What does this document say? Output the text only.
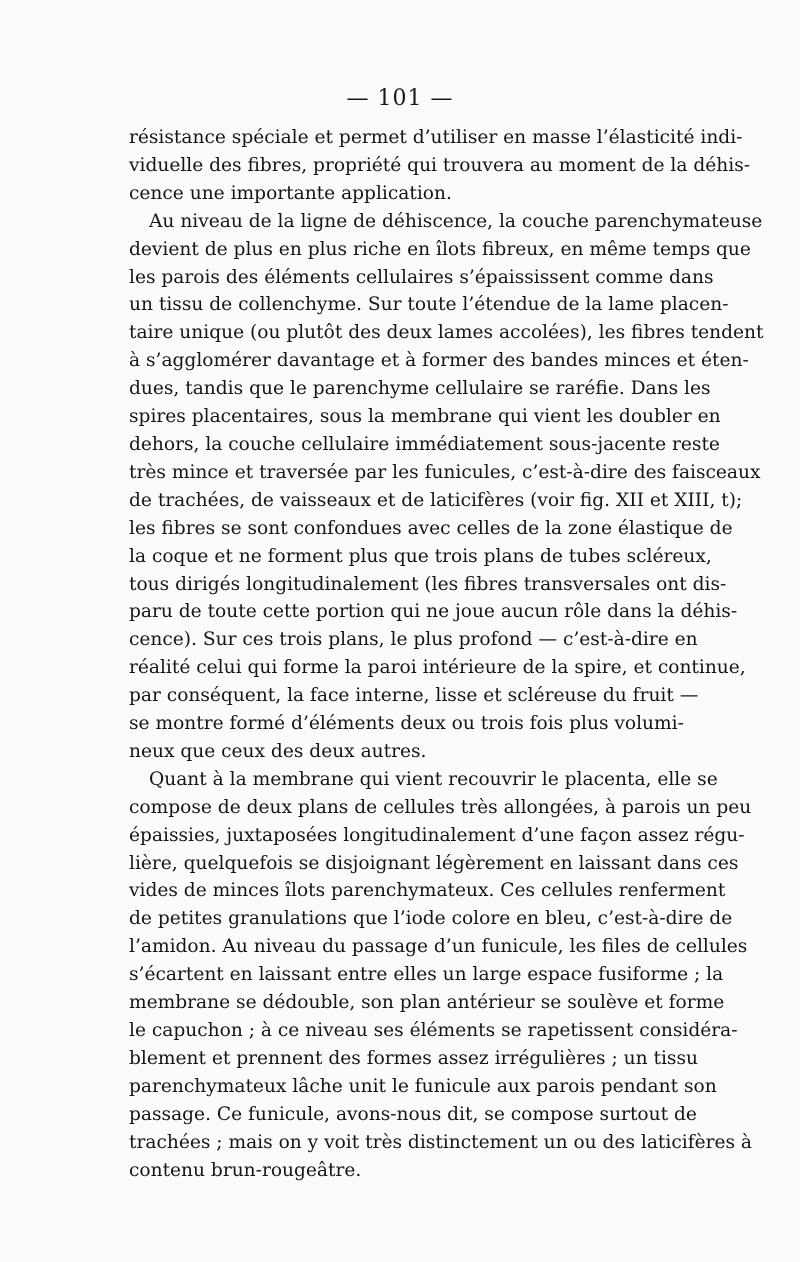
— 101 —

résistance spéciale et permet d’utiliser en masse l’élasticité indi-
viduelle des fibres, propriété qui trouvera au moment de la déhis-
cence une importante application.

Au niveau de la ligne de déhiscence, la couche parenchymateuse
devient de plus en plus riche en îlots fibreux, en même temps que
les parois des éléments cellulaires s’épaississent comme dans
un tissu de collenchyme. Sur toute l’étendue de la lame placen-
taire unique (ou plutôt des deux lames accolées), les fibres tendent
à s’agglomérer davantage et à former des bandes minces et éten-
dues, tandis que le parenchyme cellulaire se raréfie. Dans les
spires placentaires, sous la membrane qui vient les doubler en
dehors, la couche cellulaire immédiatement sous-jacente reste
très mince et traversée par les funicules, c’est-à-dire des faisceaux
de trachées, de vaisseaux et de laticifères (voir fig. XII et XIII, t);
les fibres se sont confondues avec celles de la zone élastique de
la coque et ne forment plus que trois plans de tubes scléreux,
tous dirigés longitudinalement (les fibres transversales ont dis-
paru de toute cette portion qui ne joue aucun rôle dans la déhis-
cence). Sur ces trois plans, le plus profond — c’est-à-dire en
réalité celui qui forme la paroi intérieure de la spire, et continue,
par conséquent, la face interne, lisse et scléreuse du fruit —
se montre formé d’éléments deux ou trois fois plus volumi-
neux que ceux des deux autres.

Quant à la membrane qui vient recouvrir le placenta, elle se
compose de deux plans de cellules très allongées, à parois un peu
épaissies, juxtaposées longitudinalement d’une façon assez régu-
lière, quelquefois se disjoignant légèrement en laissant dans ces
vides de minces îlots parenchymateux. Ces cellules renferment
de petites granulations que l’iode colore en bleu, c’est-à-dire de
l’amidon. Au niveau du passage d’un funicule, les files de cellules
s’écartent en laissant entre elles un large espace fusiforme ; la
membrane se dédouble, son plan antérieur se soulève et forme
le capuchon ; à ce niveau ses éléments se rapetissent considéra-
blement et prennent des formes assez irrégulières ; un tissu
parenchymateux lâche unit le funicule aux parois pendant son
passage. Ce funicule, avons-nous dit, se compose surtout de
trachées ; mais on y voit très distinctement un ou des laticifères à
contenu brun-rougeâtre.
